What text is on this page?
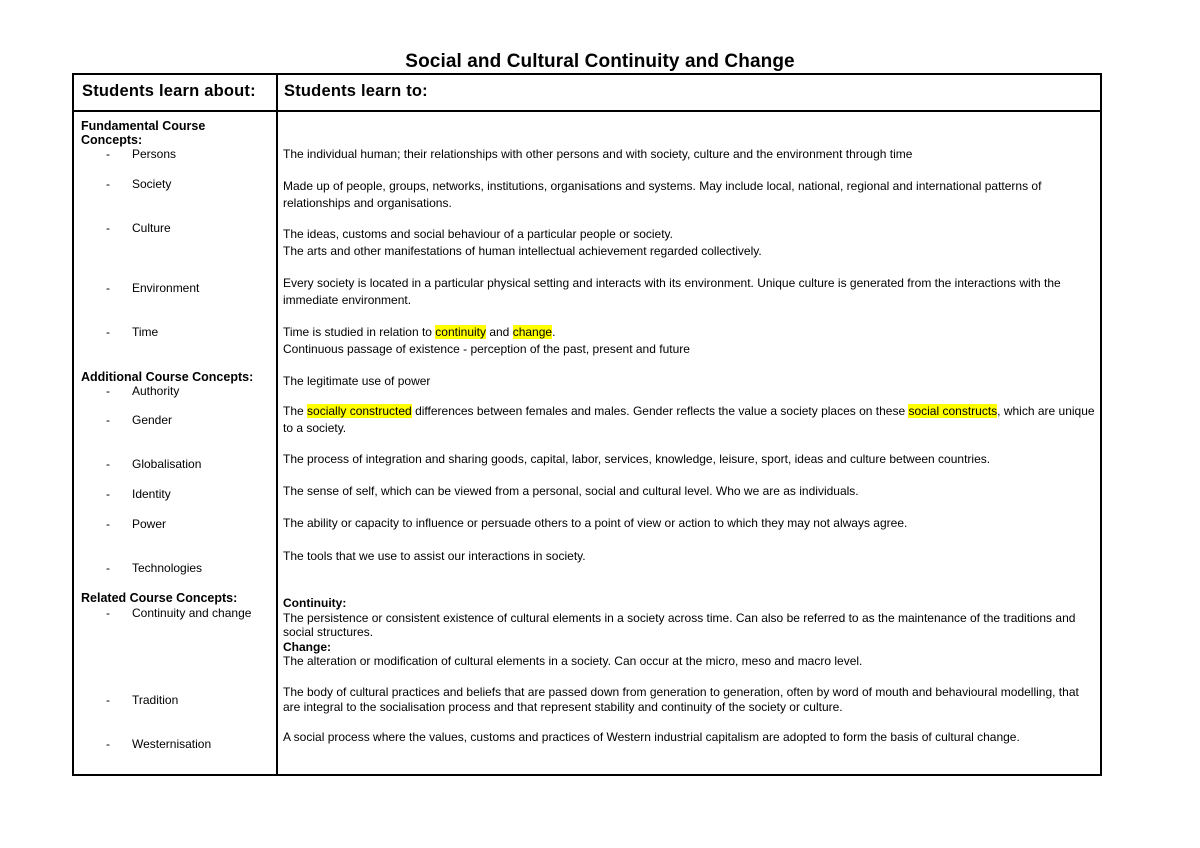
Social and Cultural Continuity and Change
Students learn about: Students learn to:
Fundamental Course Concepts:
- Persons
- Society
- Culture
- Environment
- Time
Additional Course Concepts:
- Authority
- Gender
- Globalisation
- Identity
- Power
- Technologies
Related Course Concepts:
- Continuity and change
- Tradition
- Westernisation
The individual human; their relationships with other persons and with society, culture and the environment through time
Made up of people, groups, networks, institutions, organisations and systems. May include local, national, regional and international patterns of relationships and organisations.
The ideas, customs and social behaviour of a particular people or society.
The arts and other manifestations of human intellectual achievement regarded collectively.
Every society is located in a particular physical setting and interacts with its environment. Unique culture is generated from the interactions with the immediate environment.
Time is studied in relation to continuity and change.
Continuous passage of existence - perception of the past, present and future
The legitimate use of power
The socially constructed differences between females and males. Gender reflects the value a society places on these social constructs, which are unique to a society.
The process of integration and sharing goods, capital, labor, services, knowledge, leisure, sport, ideas and culture between countries.
The sense of self, which can be viewed from a personal, social and cultural level. Who we are as individuals.
The ability or capacity to influence or persuade others to a point of view or action to which they may not always agree.
The tools that we use to assist our interactions in society.
Continuity:
The persistence or consistent existence of cultural elements in a society across time. Can also be referred to as the maintenance of the traditions and social structures.
Change:
The alteration or modification of cultural elements in a society. Can occur at the micro, meso and macro level.
The body of cultural practices and beliefs that are passed down from generation to generation, often by word of mouth and behavioural modelling, that are integral to the socialisation process and that represent stability and continuity of the society or culture.
A social process where the values, customs and practices of Western industrial capitalism are adopted to form the basis of cultural change.
